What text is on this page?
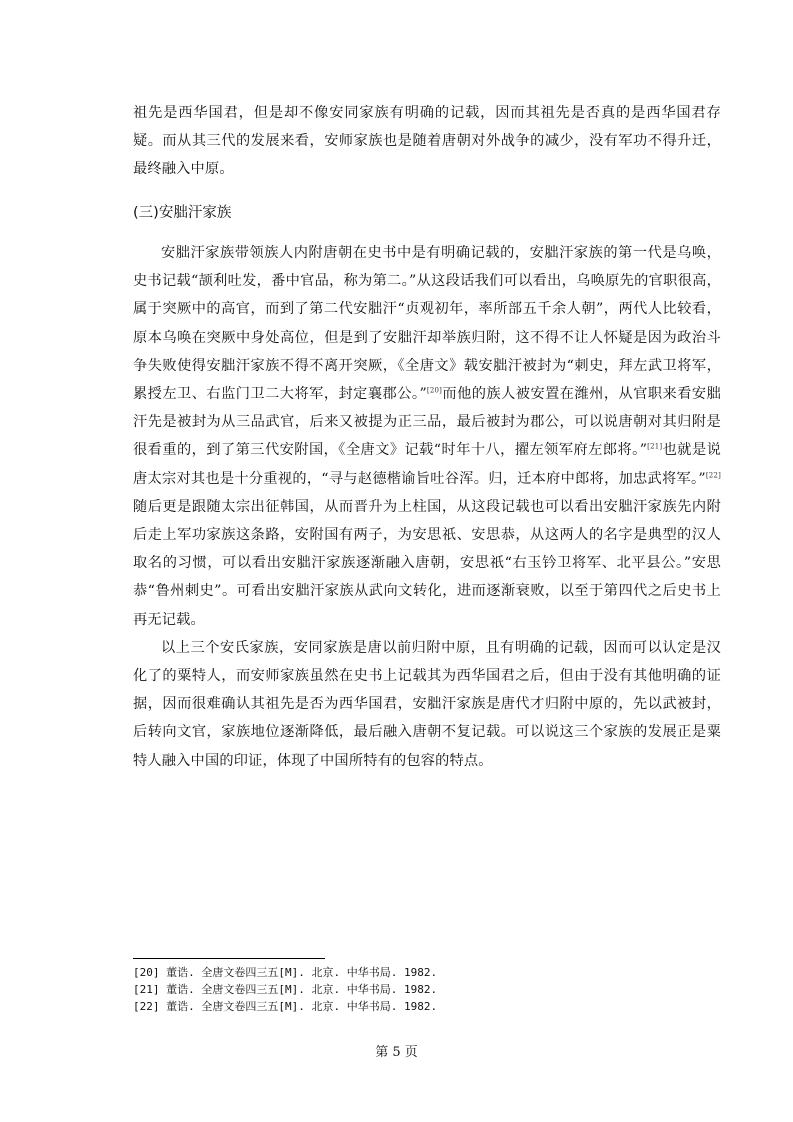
祖先是西华国君，但是却不像安同家族有明确的记载，因而其祖先是否真的是西华国君存疑。而从其三代的发展来看，安师家族也是随着唐朝对外战争的减少，没有军功不得升迁，最终融入中原。

(三)安胐汗家族

安胐汗家族带领族人内附唐朝在史书中是有明确记载的，安胐汗家族的第一代是乌唤，史书记载“颉利吐发，番中官品，称为第二。”从这段话我们可以看出，乌唤原先的官职很高，属于突厥中的高官，而到了第二代安胐汗“贞观初年，率所部五千余人朝”，两代人比较看，原本乌唤在突厥中身处高位，但是到了安胐汗却举族归附，这不得不让人怀疑是因为政治斗争失败使得安胐汗家族不得不离开突厥，《全唐文》载安胐汗被封为“刺史，拜左武卫将军，累授左卫、右监门卫二大将军，封定襄郡公。”[20]而他的族人被安置在潍州，从官职来看安胐汗先是被封为从三品武官，后来又被提为正三品，最后被封为郡公，可以说唐朝对其归附是很看重的，到了第三代安附国，《全唐文》记载“时年十八，擢左领军府左郎将。”[21]也就是说唐太宗对其也是十分重视的，“寻与赵德楷谕旨吐谷浑。归，迁本府中郎将，加忠武将军。”[22]随后更是跟随太宗出征韩国，从而晋升为上柱国，从这段记载也可以看出安胐汗家族先内附后走上军功家族这条路，安附国有两子，为安思祇、安思恭，从这两人的名字是典型的汉人取名的习惯，可以看出安胐汗家族逐渐融入唐朝，安思祇“右玉钤卫将军、北平县公。”安思恭“鲁州刺史”。可看出安胐汗家族从武向文转化，进而逐渐衰败，以至于第四代之后史书上再无记载。

以上三个安氏家族，安同家族是唐以前归附中原，且有明确的记载，因而可以认定是汉化了的粟特人，而安师家族虽然在史书上记载其为西华国君之后，但由于没有其他明确的证据，因而很难确认其祖先是否为西华国君，安胐汗家族是唐代才归附中原的，先以武被封，后转向文官，家族地位逐渐降低，最后融入唐朝不复记载。可以说这三个家族的发展正是粟特人融入中国的印证，体现了中国所特有的包容的特点。

[20] 董诰. 全唐文卷四三五[M]. 北京. 中华书局. 1982.
[21] 董诰. 全唐文卷四三五[M]. 北京. 中华书局. 1982.
[22] 董诰. 全唐文卷四三五[M]. 北京. 中华书局. 1982.
第 5 页
